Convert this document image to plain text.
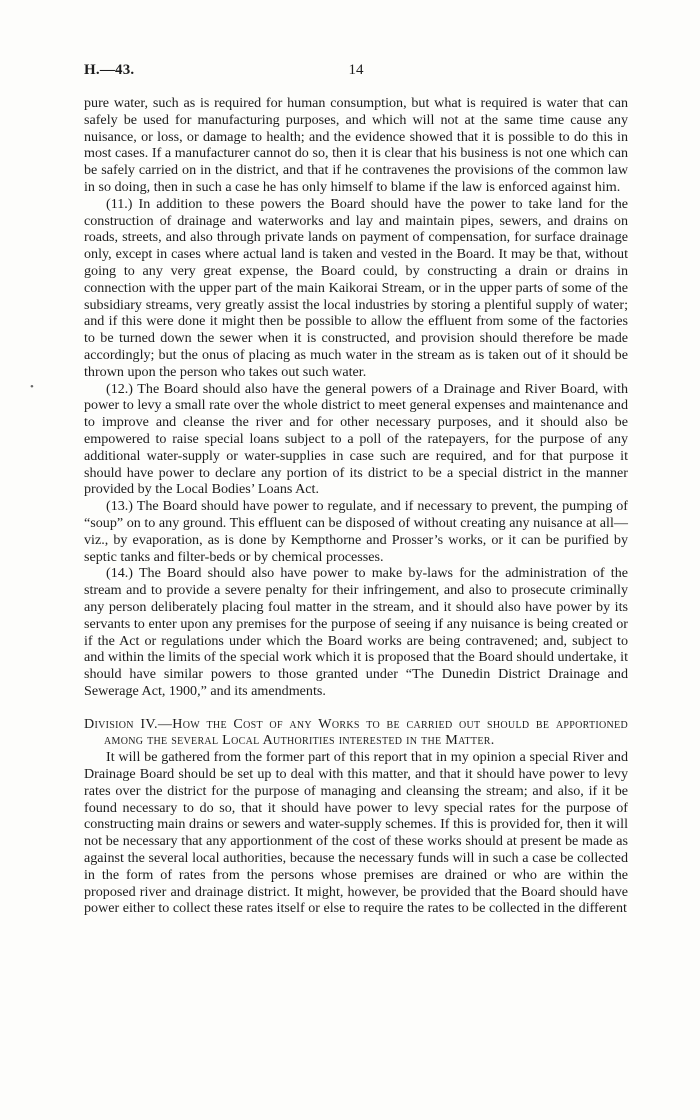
H.—43.	14
•

pure water, such as is required for human consumption, but what is required is water that can safely be used for manufacturing purposes, and which will not at the same time cause any nuisance, or loss, or damage to health; and the evidence showed that it is possible to do this in most cases. If a manufacturer cannot do so, then it is clear that his business is not one which can be safely carried on in the district, and that if he contravenes the provisions of the common law in so doing, then in such a case he has only himself to blame if the law is enforced against him.

(11.) In addition to these powers the Board should have the power to take land for the construction of drainage and waterworks and lay and maintain pipes, sewers, and drains on roads, streets, and also through private lands on payment of compensation, for surface drainage only, except in cases where actual land is taken and vested in the Board. It may be that, without going to any very great expense, the Board could, by constructing a drain or drains in connection with the upper part of the main Kaikorai Stream, or in the upper parts of some of the subsidiary streams, very greatly assist the local industries by storing a plentiful supply of water; and if this were done it might then be possible to allow the effluent from some of the factories to be turned down the sewer when it is constructed, and provision should therefore be made accordingly; but the onus of placing as much water in the stream as is taken out of it should be thrown upon the person who takes out such water.

(12.) The Board should also have the general powers of a Drainage and River Board, with power to levy a small rate over the whole district to meet general expenses and maintenance and to improve and cleanse the river and for other necessary purposes, and it should also be empowered to raise special loans subject to a poll of the ratepayers, for the purpose of any additional water-supply or water-supplies in case such are required, and for that purpose it should have power to declare any portion of its district to be a special district in the manner provided by the Local Bodies’ Loans Act.

(13.) The Board should have power to regulate, and if necessary to prevent, the pumping of “soup” on to any ground. This effluent can be disposed of without creating any nuisance at all—viz., by evaporation, as is done by Kempthorne and Prosser’s works, or it can be purified by septic tanks and filter-beds or by chemical processes.

(14.) The Board should also have power to make by-laws for the administration of the stream and to provide a severe penalty for their infringement, and also to prosecute criminally any person deliberately placing foul matter in the stream, and it should also have power by its servants to enter upon any premises for the purpose of seeing if any nuisance is being created or if the Act or regulations under which the Board works are being contravened; and, subject to and within the limits of the special work which it is proposed that the Board should undertake, it should have similar powers to those granted under “The Dunedin District Drainage and Sewerage Act, 1900,” and its amendments.

Division IV.—How the Cost of any Works to be carried out should be apportioned among the several Local Authorities interested in the Matter.

It will be gathered from the former part of this report that in my opinion a special River and Drainage Board should be set up to deal with this matter, and that it should have power to levy rates over the district for the purpose of managing and cleansing the stream; and also, if it be found necessary to do so, that it should have power to levy special rates for the purpose of constructing main drains or sewers and water-supply schemes. If this is provided for, then it will not be necessary that any apportionment of the cost of these works should at present be made as against the several local authorities, because the necessary funds will in such a case be collected in the form of rates from the persons whose premises are drained or who are within the proposed river and drainage district. It might, however, be provided that the Board should have power either to collect these rates itself or else to require the rates to be collected in the different
